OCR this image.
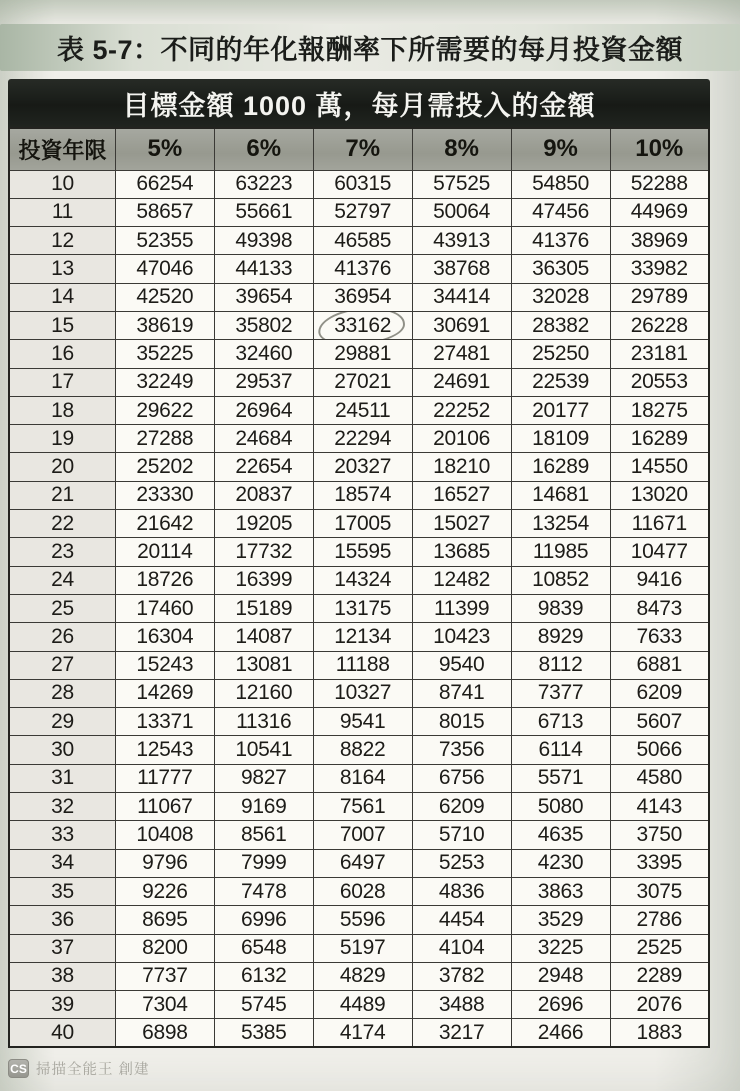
表 5-7：不同的年化報酬率下所需要的每月投資金額
目標金額 1000 萬，每月需投入的金額
投資年限	5%	6%	7%	8%	9%	10%
10	66254	63223	60315	57525	54850	52288
11	58657	55661	52797	50064	47456	44969
12	52355	49398	46585	43913	41376	38969
13	47046	44133	41376	38768	36305	33982
14	42520	39654	36954	34414	32028	29789
15	38619	35802	33162	30691	28382	26228
16	35225	32460	29881	27481	25250	23181
17	32249	29537	27021	24691	22539	20553
18	29622	26964	24511	22252	20177	18275
19	27288	24684	22294	20106	18109	16289
20	25202	22654	20327	18210	16289	14550
21	23330	20837	18574	16527	14681	13020
22	21642	19205	17005	15027	13254	11671
23	20114	17732	15595	13685	11985	10477
24	18726	16399	14324	12482	10852	9416
25	17460	15189	13175	11399	9839	8473
26	16304	14087	12134	10423	8929	7633
27	15243	13081	11188	9540	8112	6881
28	14269	12160	10327	8741	7377	6209
29	13371	11316	9541	8015	6713	5607
30	12543	10541	8822	7356	6114	5066
31	11777	9827	8164	6756	5571	4580
32	11067	9169	7561	6209	5080	4143
33	10408	8561	7007	5710	4635	3750
34	9796	7999	6497	5253	4230	3395
35	9226	7478	6028	4836	3863	3075
36	8695	6996	5596	4454	3529	2786
37	8200	6548	5197	4104	3225	2525
38	7737	6132	4829	3782	2948	2289
39	7304	5745	4489	3488	2696	2076
40	6898	5385	4174	3217	2466	1883
CS 掃描全能王 創建
